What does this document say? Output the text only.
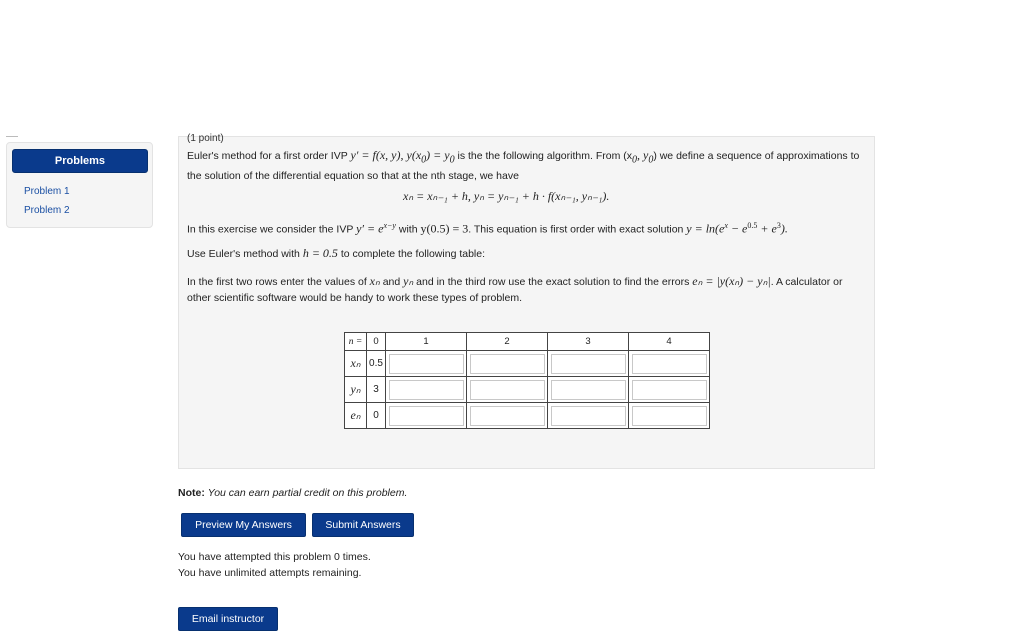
Problems
Problem 1
Problem 2
(1 point)
Euler's method for a first order IVP y′ = f(x, y), $y(x_0) = y_0$ is the the following algorithm. From ($x_0$, $y_0$) we define a sequence of approximations to the solution of the differential equation so that at the nth stage, we have
xₙ = xₙ₋₁ + h, yₙ = yₙ₋₁ + h · f(xₙ₋₁, yₙ₋₁).
In this exercise we consider the IVP $y' = e^{x-y}$ with y(0.5) = 3. This equation is first order with exact solution $y = \ln(e^x - e^{0.5} + e^3)$.
Use Euler's method with h = 0.5 to complete the following table:
In the first two rows enter the values of xₙ and yₙ and in the third row use the exact solution to find the errors eₙ = |y(xₙ) − yₙ|. A calculator or other scientific software would be handy to work these types of problem.
n =	0	1	2	3	4
xₙ	0.5	

yₙ	3	

eₙ	0	

Note: You can earn partial credit on this problem.
Preview My Answers	Submit Answers
You have attempted this problem 0 times.
You have unlimited attempts remaining.
Email instructor
